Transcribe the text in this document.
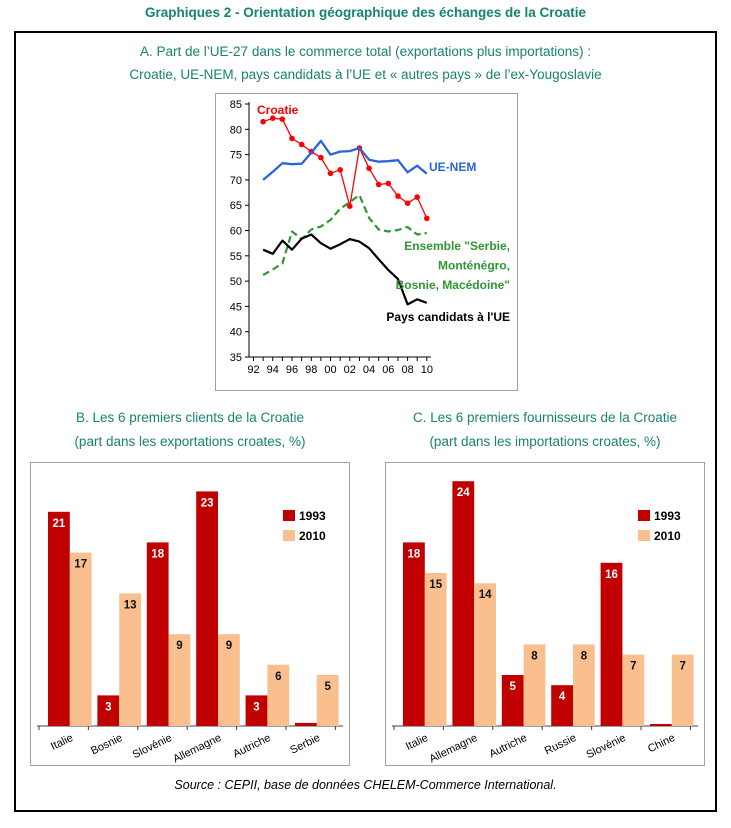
Graphiques 2 - Orientation géographique des échanges de la Croatie
A. Part de l’UE-27 dans le commerce total (exportations plus importations) :
Croatie, UE-NEM, pays candidats à l’UE et « autres pays » de l’ex-Yougoslavie
35
40
45
50
55
60
65
70
75
80
85
92 94 96 98 00 02 04 06 08 10
Croatie
UE-NEM
Ensemble "Serbie,
Monténégro,
Bosnie, Macédoine"
Pays candidats à l'UE
B. Les 6 premiers clients de la Croatie
(part dans les exportations croates, %)
21
17
Italie
3
13
Bosnie
18
9
Slovénie
23
9
Allemagne
3
6
Autriche
5
Serbie
1993
2010
C. Les 6 premiers fournisseurs de la Croatie
(part dans les importations croates, %)
18
15
Italie
24
14
Allemagne
5
8
Autriche
4
8
Russie
16
7
Slovénie
7
Chine
1993
2010
Source : CEPII, base de données CHELEM-Commerce International.
